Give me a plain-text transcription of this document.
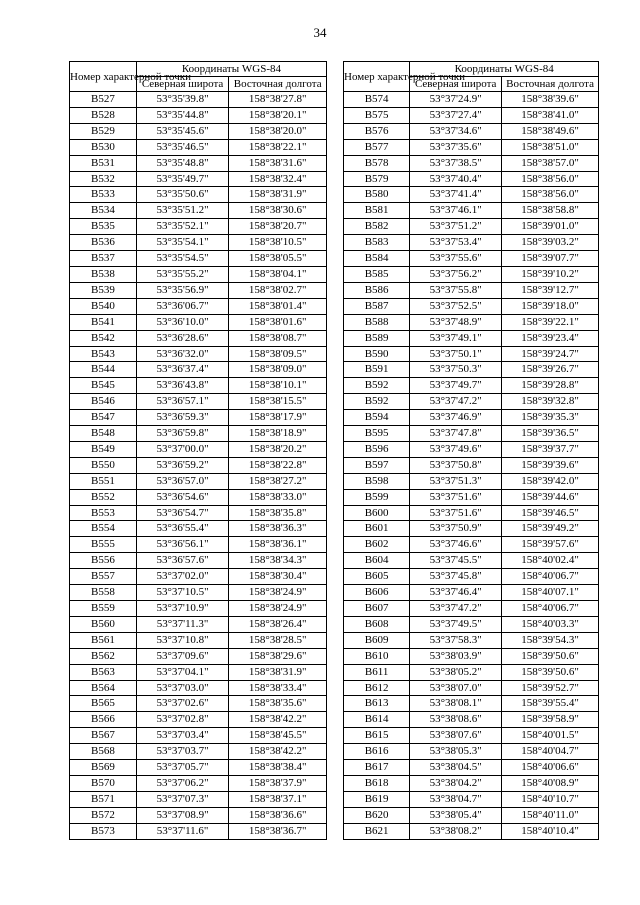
34
Номер характерной точки	Координаты WGS-84	
	Северная широта	Восточная долгота
B527	53°35'39.8"	158°38'27.8"
B528	53°35'44.8"	158°38'20.1"
B529	53°35'45.6"	158°38'20.0"
B530	53°35'46.5"	158°38'22.1"
B531	53°35'48.8"	158°38'31.6"
B532	53°35'49.7"	158°38'32.4"
B533	53°35'50.6"	158°38'31.9"
B534	53°35'51.2"	158°38'30.6"
B535	53°35'52.1"	158°38'20.7"
B536	53°35'54.1"	158°38'10.5"
B537	53°35'54.5"	158°38'05.5"
B538	53°35'55.2"	158°38'04.1"
B539	53°35'56.9"	158°38'02.7"
B540	53°36'06.7"	158°38'01.4"
B541	53°36'10.0"	158°38'01.6"
B542	53°36'28.6"	158°38'08.7"
B543	53°36'32.0"	158°38'09.5"
B544	53°36'37.4"	158°38'09.0"
B545	53°36'43.8"	158°38'10.1"
B546	53°36'57.1"	158°38'15.5"
B547	53°36'59.3"	158°38'17.9"
B548	53°36'59.8"	158°38'18.9"
B549	53°37'00.0"	158°38'20.2"
B550	53°36'59.2"	158°38'22.8"
B551	53°36'57.0"	158°38'27.2"
B552	53°36'54.6"	158°38'33.0"
B553	53°36'54.7"	158°38'35.8"
B554	53°36'55.4"	158°38'36.3"
B555	53°36'56.1"	158°38'36.1"
B556	53°36'57.6"	158°38'34.3"
B557	53°37'02.0"	158°38'30.4"
B558	53°37'10.5"	158°38'24.9"
B559	53°37'10.9"	158°38'24.9"
B560	53°37'11.3"	158°38'26.4"
B561	53°37'10.8"	158°38'28.5"
B562	53°37'09.6"	158°38'29.6"
B563	53°37'04.1"	158°38'31.9"
B564	53°37'03.0"	158°38'33.4"
B565	53°37'02.6"	158°38'35.6"
B566	53°37'02.8"	158°38'42.2"
B567	53°37'03.4"	158°38'45.5"
B568	53°37'03.7"	158°38'42.2"
B569	53°37'05.7"	158°38'38.4"
B570	53°37'06.2"	158°38'37.9"
B571	53°37'07.3"	158°38'37.1"
B572	53°37'08.9"	158°38'36.6"
B573	53°37'11.6"	158°38'36.7"
Номер характерной точки	Координаты WGS-84	
	Северная широта	Восточная долгота
B574	53°37'24.9"	158°38'39.6"
B575	53°37'27.4"	158°38'41.0"
B576	53°37'34.6"	158°38'49.6"
B577	53°37'35.6"	158°38'51.0"
B578	53°37'38.5"	158°38'57.0"
B579	53°37'40.4"	158°38'56.0"
B580	53°37'41.4"	158°38'56.0"
B581	53°37'46.1"	158°38'58.8"
B582	53°37'51.2"	158°39'01.0"
B583	53°37'53.4"	158°39'03.2"
B584	53°37'55.6"	158°39'07.7"
B585	53°37'56.2"	158°39'10.2"
B586	53°37'55.8"	158°39'12.7"
B587	53°37'52.5"	158°39'18.0"
B588	53°37'48.9"	158°39'22.1"
B589	53°37'49.1"	158°39'23.4"
B590	53°37'50.1"	158°39'24.7"
B591	53°37'50.3"	158°39'26.7"
B592	53°37'49.7"	158°39'28.8"
B592	53°37'47.2"	158°39'32.8"
B594	53°37'46.9"	158°39'35.3"
B595	53°37'47.8"	158°39'36.5"
B596	53°37'49.6"	158°39'37.7"
B597	53°37'50.8"	158°39'39.6"
B598	53°37'51.3"	158°39'42.0"
B599	53°37'51.6"	158°39'44.6"
B600	53°37'51.6"	158°39'46.5"
B601	53°37'50.9"	158°39'49.2"
B602	53°37'46.6"	158°39'57.6"
B604	53°37'45.5"	158°40'02.4"
B605	53°37'45.8"	158°40'06.7"
B606	53°37'46.4"	158°40'07.1"
B607	53°37'47.2"	158°40'06.7"
B608	53°37'49.5"	158°40'03.3"
B609	53°37'58.3"	158°39'54.3"
B610	53°38'03.9"	158°39'50.6"
B611	53°38'05.2"	158°39'50.6"
B612	53°38'07.0"	158°39'52.7"
B613	53°38'08.1"	158°39'55.4"
B614	53°38'08.6"	158°39'58.9"
B615	53°38'07.6"	158°40'01.5"
B616	53°38'05.3"	158°40'04.7"
B617	53°38'04.5"	158°40'06.6"
B618	53°38'04.2"	158°40'08.9"
B619	53°38'04.7"	158°40'10.7"
B620	53°38'05.4"	158°40'11.0"
B621	53°38'08.2"	158°40'10.4"
